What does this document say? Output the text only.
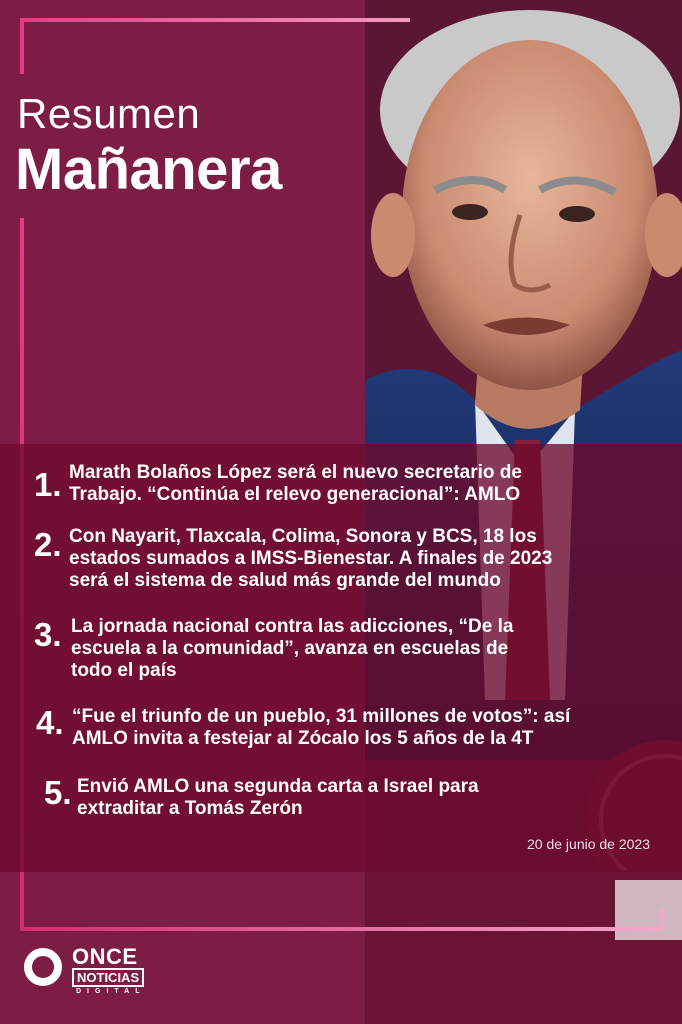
Resumen
Mañanera
1. Marath Bolaños López será el nuevo secretario de
Trabajo. “Continúa el relevo generacional”: AMLO
2. Con Nayarit, Tlaxcala, Colima, Sonora y BCS, 18 los
estados sumados a IMSS-Bienestar. A finales de 2023
será el sistema de salud más grande del mundo
3. La jornada nacional contra las adicciones, “De la
escuela a la comunidad”, avanza en escuelas de
todo el país
4. “Fue el triunfo de un pueblo, 31 millones de votos”: así
AMLO invita a festejar al Zócalo los 5 años de la 4T
5. Envió AMLO una segunda carta a Israel para
extraditar a Tomás Zerón
20 de junio de 2023
ONCE
NOTICIAS
DIGITAL
